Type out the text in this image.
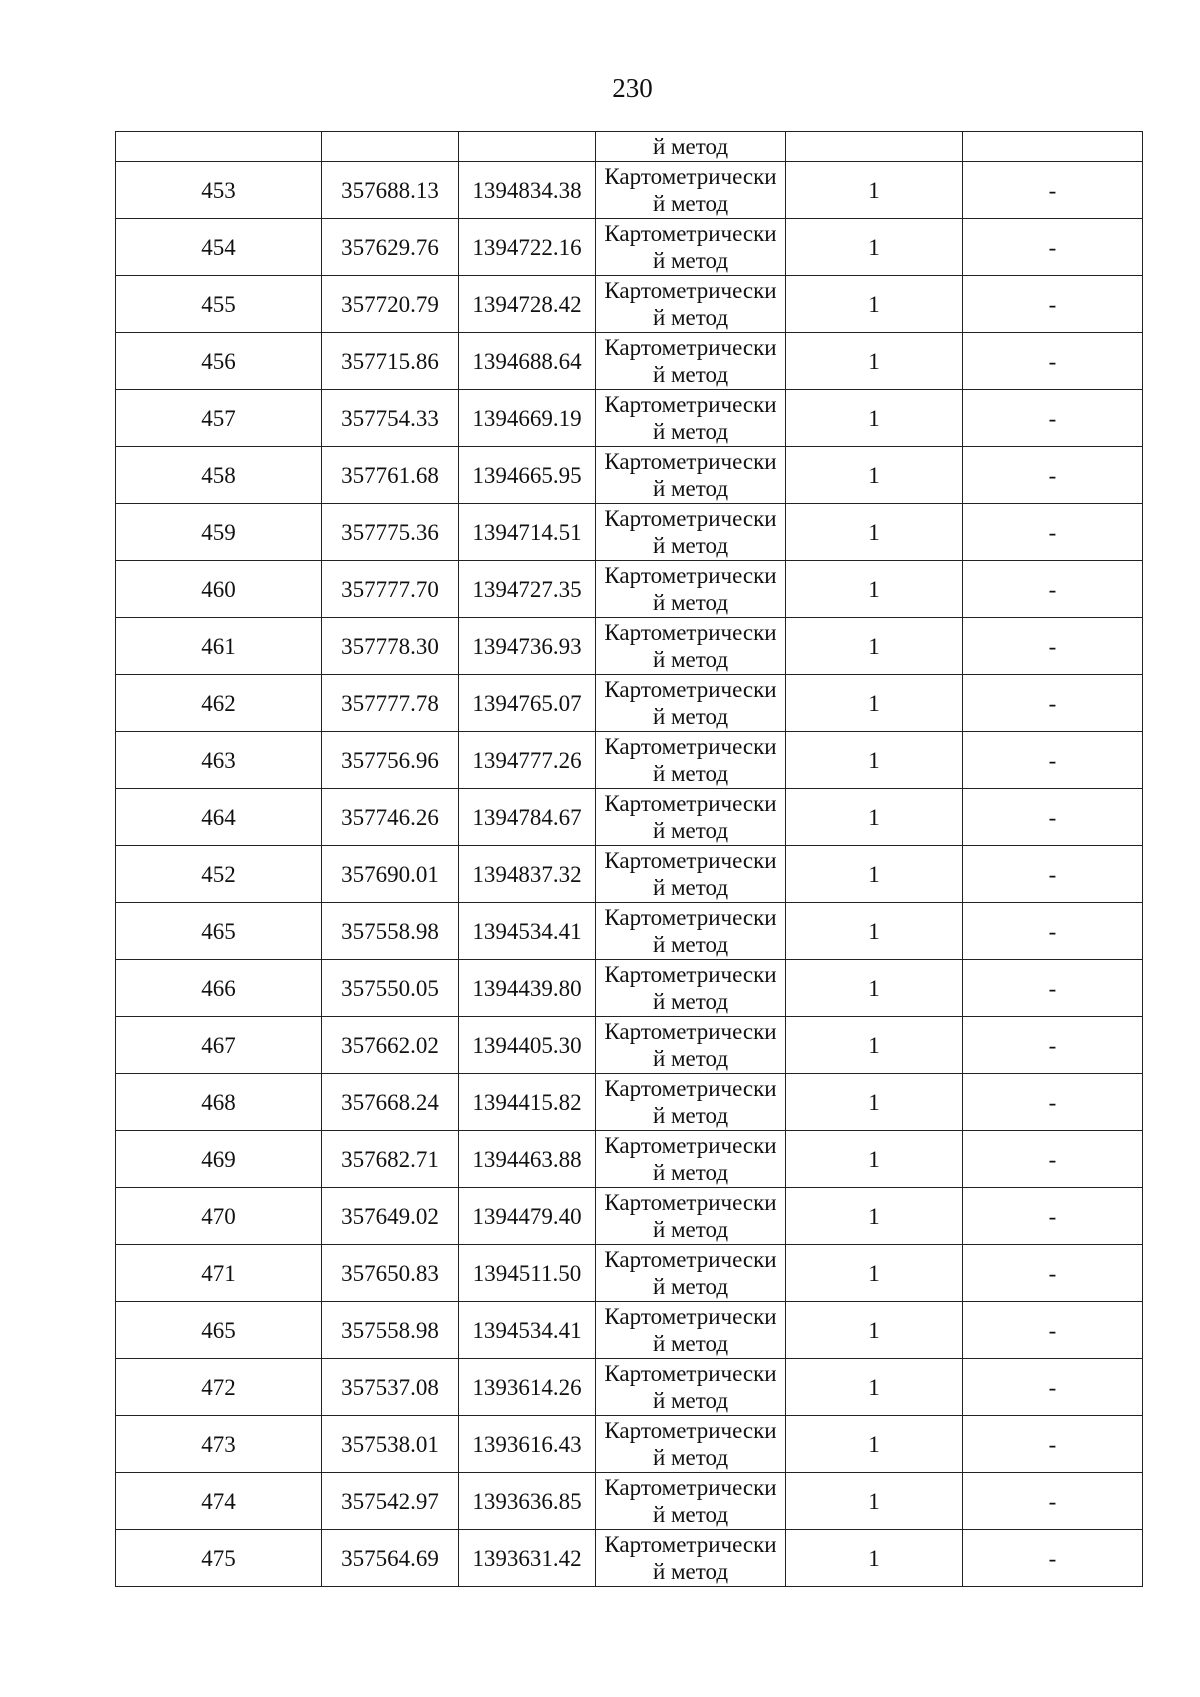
230
			й метод		
453	357688.13	1394834.38	Картометрически
й метод	1	-
454	357629.76	1394722.16	Картометрически
й метод	1	-
455	357720.79	1394728.42	Картометрически
й метод	1	-
456	357715.86	1394688.64	Картометрически
й метод	1	-
457	357754.33	1394669.19	Картометрически
й метод	1	-
458	357761.68	1394665.95	Картометрически
й метод	1	-
459	357775.36	1394714.51	Картометрически
й метод	1	-
460	357777.70	1394727.35	Картометрически
й метод	1	-
461	357778.30	1394736.93	Картометрически
й метод	1	-
462	357777.78	1394765.07	Картометрически
й метод	1	-
463	357756.96	1394777.26	Картометрически
й метод	1	-
464	357746.26	1394784.67	Картометрически
й метод	1	-
452	357690.01	1394837.32	Картометрически
й метод	1	-
465	357558.98	1394534.41	Картометрически
й метод	1	-
466	357550.05	1394439.80	Картометрически
й метод	1	-
467	357662.02	1394405.30	Картометрически
й метод	1	-
468	357668.24	1394415.82	Картометрически
й метод	1	-
469	357682.71	1394463.88	Картометрически
й метод	1	-
470	357649.02	1394479.40	Картометрически
й метод	1	-
471	357650.83	1394511.50	Картометрически
й метод	1	-
465	357558.98	1394534.41	Картометрически
й метод	1	-
472	357537.08	1393614.26	Картометрически
й метод	1	-
473	357538.01	1393616.43	Картометрически
й метод	1	-
474	357542.97	1393636.85	Картометрически
й метод	1	-
475	357564.69	1393631.42	Картометрически
й метод	1	-
